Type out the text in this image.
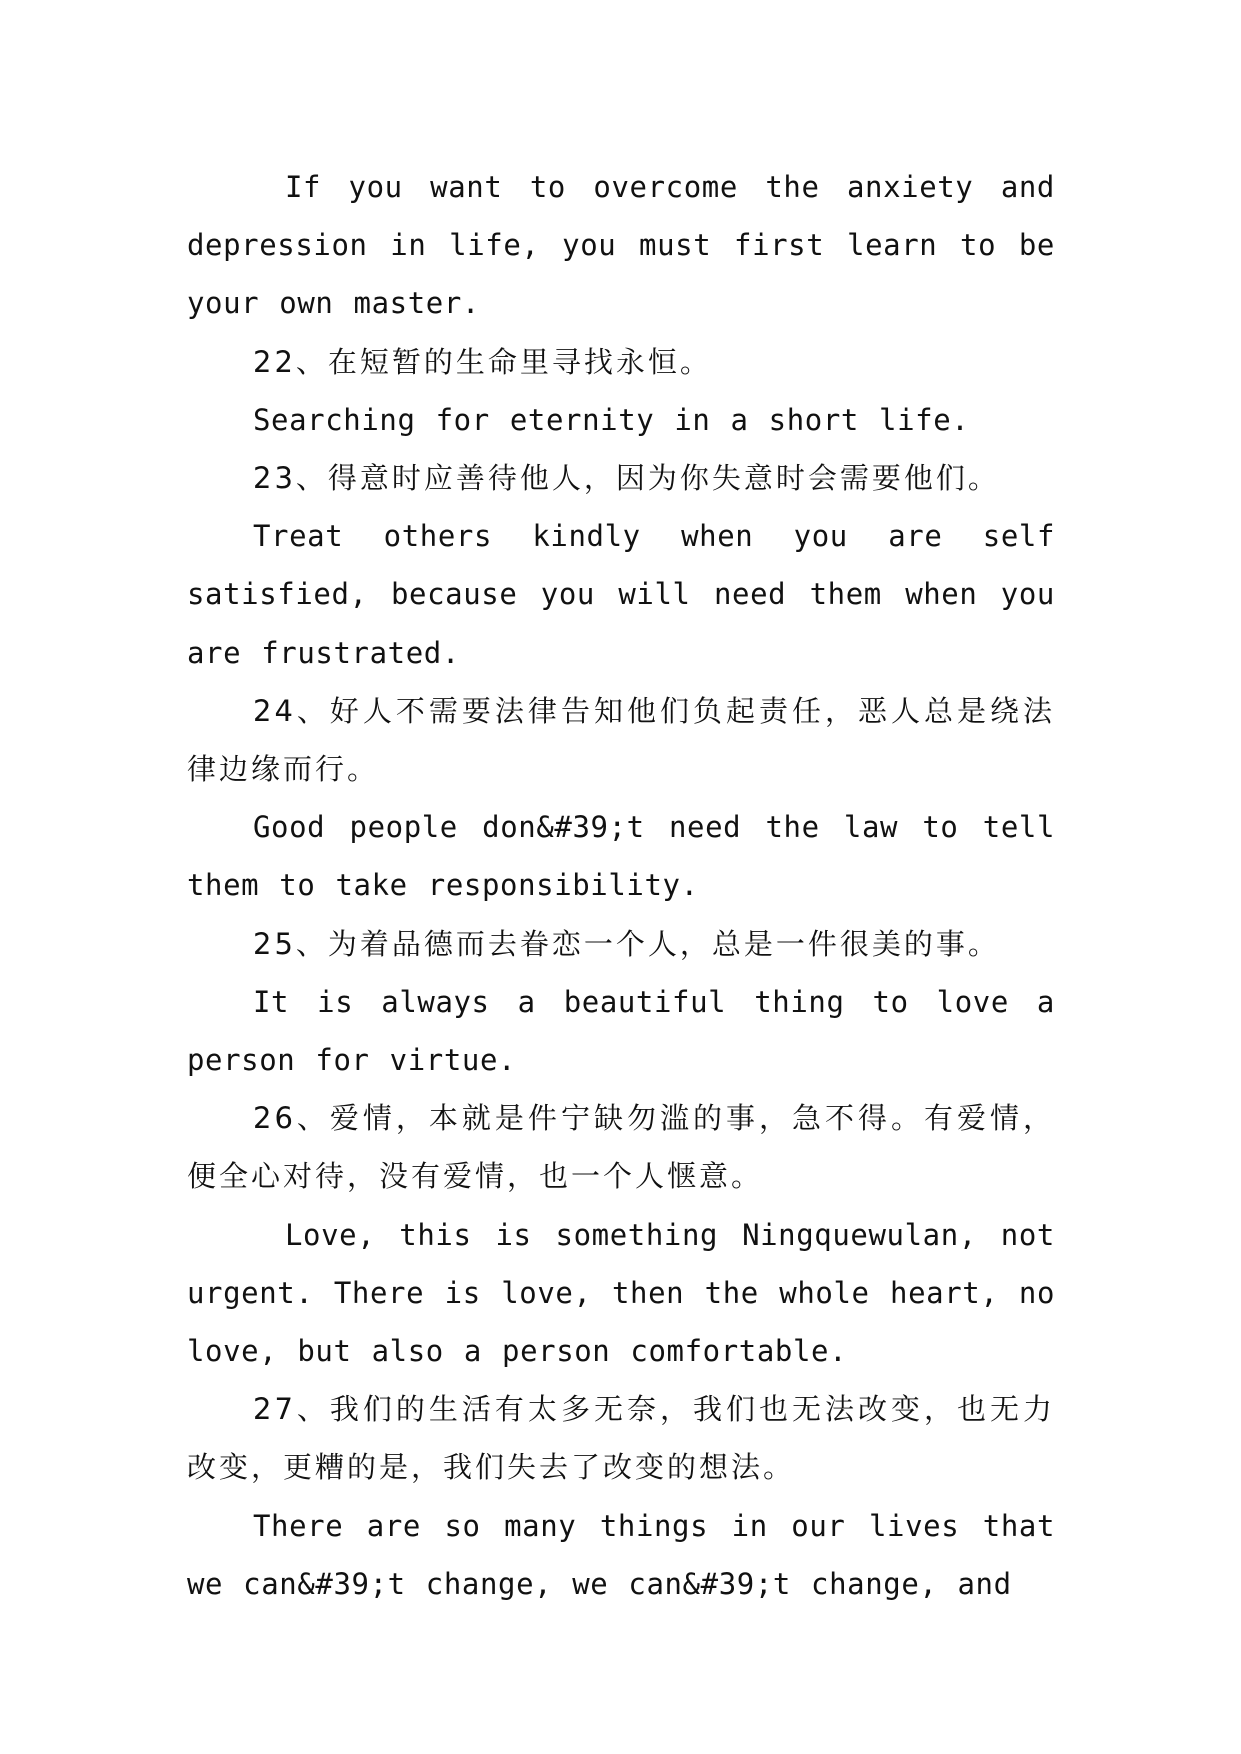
If you want to overcome the anxiety and depression in life, you must first learn to be your own master.

22、在短暂的生命里寻找永恒。

Searching for eternity in a short life.

23、得意时应善待他人，因为你失意时会需要他们。

Treat others kindly when you are self satisfied, because you will need them when you are frustrated.

24、好人不需要法律告知他们负起责任，恶人总是绕法律边缘而行。

Good people don&#39;t need the law to tell them to take responsibility.

25、为着品德而去眷恋一个人，总是一件很美的事。

It is always a beautiful thing to love a person for virtue.

26、爱情，本就是件宁缺勿滥的事，急不得。有爱情，便全心对待，没有爱情，也一个人惬意。

Love, this is something Ningquewulan, not urgent. There is love, then the whole heart, no love, but also a person comfortable.

27、我们的生活有太多无奈，我们也无法改变，也无力改变，更糟的是，我们失去了改变的想法。

There are so many things in our lives that we can&#39;t change, we can&#39;t change, and
